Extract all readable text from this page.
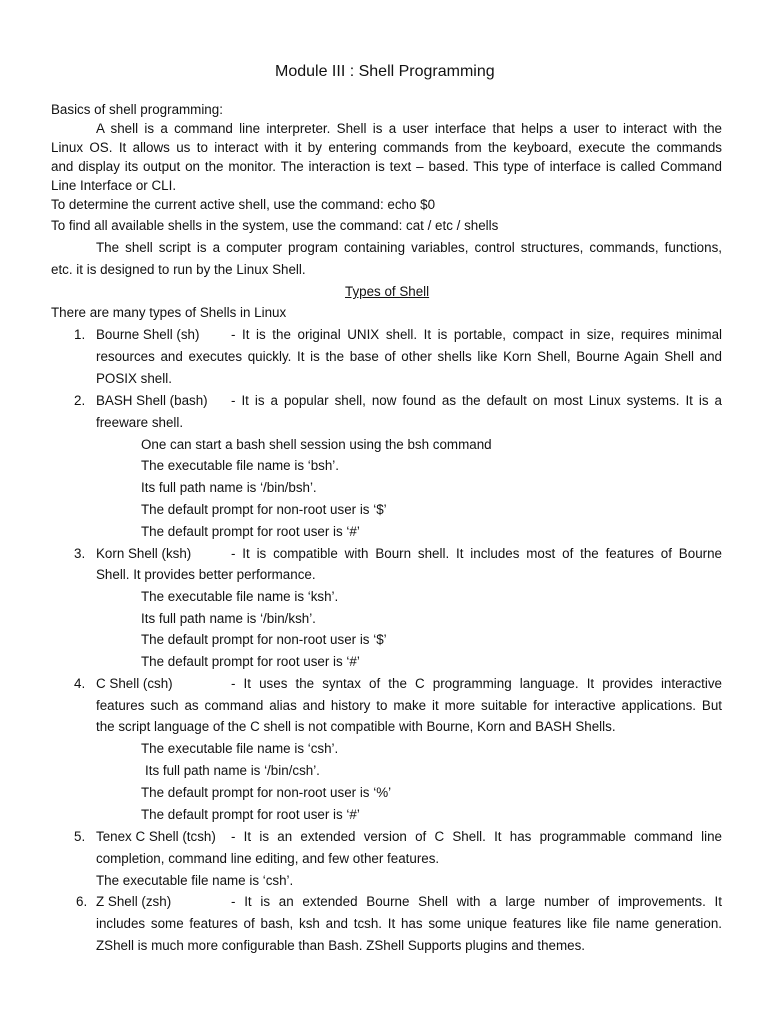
Module III : Shell Programming
Basics of shell programming:
A shell is a command line interpreter. Shell is a user interface that helps a user to interact with the
Linux OS. It allows us to interact with it by entering commands from the keyboard, execute the commands
and display its output on the monitor. The interaction is text – based. This type of interface is called Command
Line Interface or CLI.
To determine the current active shell, use the command: echo $0
To find all available shells in the system, use the command: cat / etc / shells
The shell script is a computer program containing variables, control structures, commands, functions,
etc. it is designed to run by the Linux Shell.
Types of Shell
There are many types of Shells in Linux
1. Bourne Shell (sh) - It is the original UNIX shell. It is portable, compact in size, requires minimal
resources and executes quickly. It is the base of other shells like Korn Shell, Bourne Again Shell and
POSIX shell.
2. BASH Shell (bash) - It is a popular shell, now found as the default on most Linux systems. It is a
freeware shell.
One can start a bash shell session using the bsh command
The executable file name is ‘bsh’.
Its full path name is ‘/bin/bsh’.
The default prompt for non-root user is ‘$’
The default prompt for root user is ‘#’
3. Korn Shell (ksh)	- It is compatible with Bourn shell. It includes most of the features of Bourne
Shell. It provides better performance.
The executable file name is ‘ksh’.
Its full path name is ‘/bin/ksh’.
The default prompt for non-root user is ‘$’
The default prompt for root user is ‘#’
4. C Shell (csh)	- It uses the syntax of the C programming language. It provides interactive
features such as command alias and history to make it more suitable for interactive applications. But
the script language of the C shell is not compatible with Bourne, Korn and BASH Shells.
The executable file name is ‘csh’.
Its full path name is ‘/bin/csh’.
The default prompt for non-root user is ‘%’
The default prompt for root user is ‘#’
5. Tenex C Shell (tcsh) - It is an extended version of C Shell. It has programmable command line
completion, command line editing, and few other features.
The executable file name is ‘csh’.
6. Z Shell (zsh)	- It is an extended Bourne Shell with a large number of improvements. It
includes some features of bash, ksh and tcsh. It has some unique features like file name generation.
ZShell is much more configurable than Bash. ZShell Supports plugins and themes.
